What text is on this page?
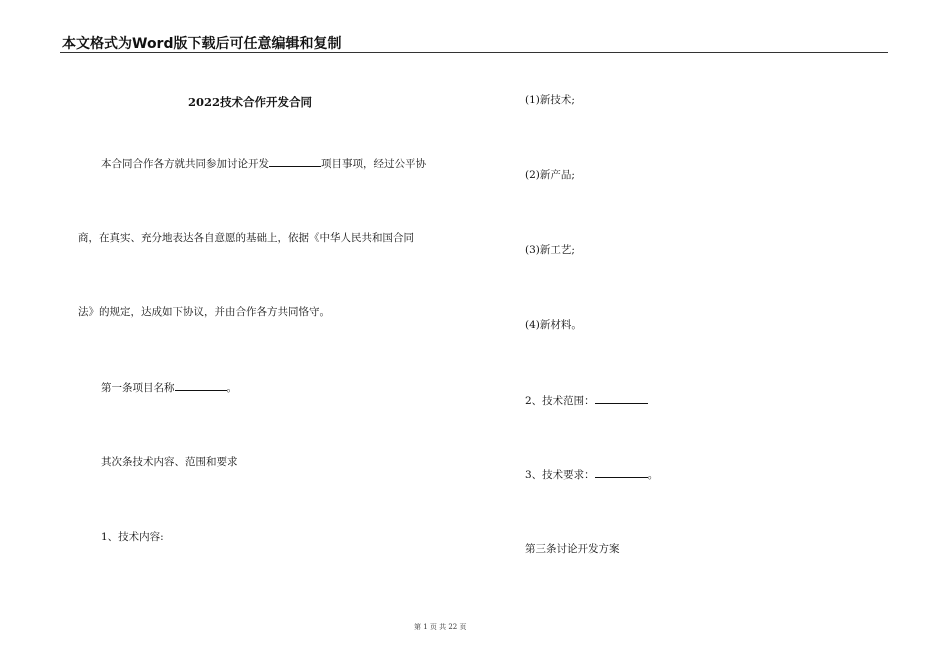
本文格式为Word版下载后可任意编辑和复制
2022技术合作开发合同
本合同合作各方就共同参加讨论开发	项目事项，经过公平协
商，在真实、充分地表达各自意愿的基础上，依据《中华人民共和国合同
法》的规定，达成如下协议，并由合作各方共同恪守。
第一条项目名称	。
其次条技术内容、范围和要求
1、技术内容:
(1)新技术;
(2)新产品;
(3)新工艺;
(4)新材料。
2、技术范围：
3、技术要求：	。
第三条讨论开发方案
第 1 页 共 22 页
